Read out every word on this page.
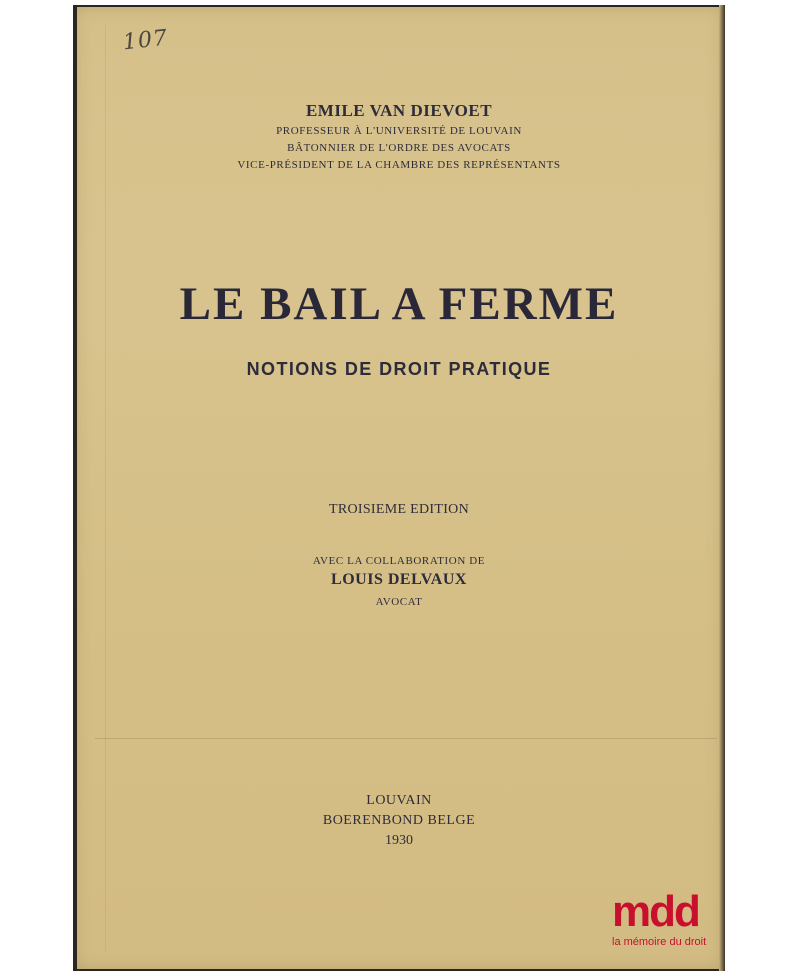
107
EMILE VAN DIEVOET
PROFESSEUR À L'UNIVERSITÉ DE LOUVAIN
BÂTONNIER DE L'ORDRE DES AVOCATS
VICE-PRÉSIDENT DE LA CHAMBRE DES REPRÉSENTANTS
LE BAIL A FERME
NOTIONS DE DROIT PRATIQUE
TROISIEME EDITION
AVEC LA COLLABORATION DE
LOUIS DELVAUX
AVOCAT
LOUVAIN
BOERENBOND BELGE
1930
mdd
la mémoire du droit
